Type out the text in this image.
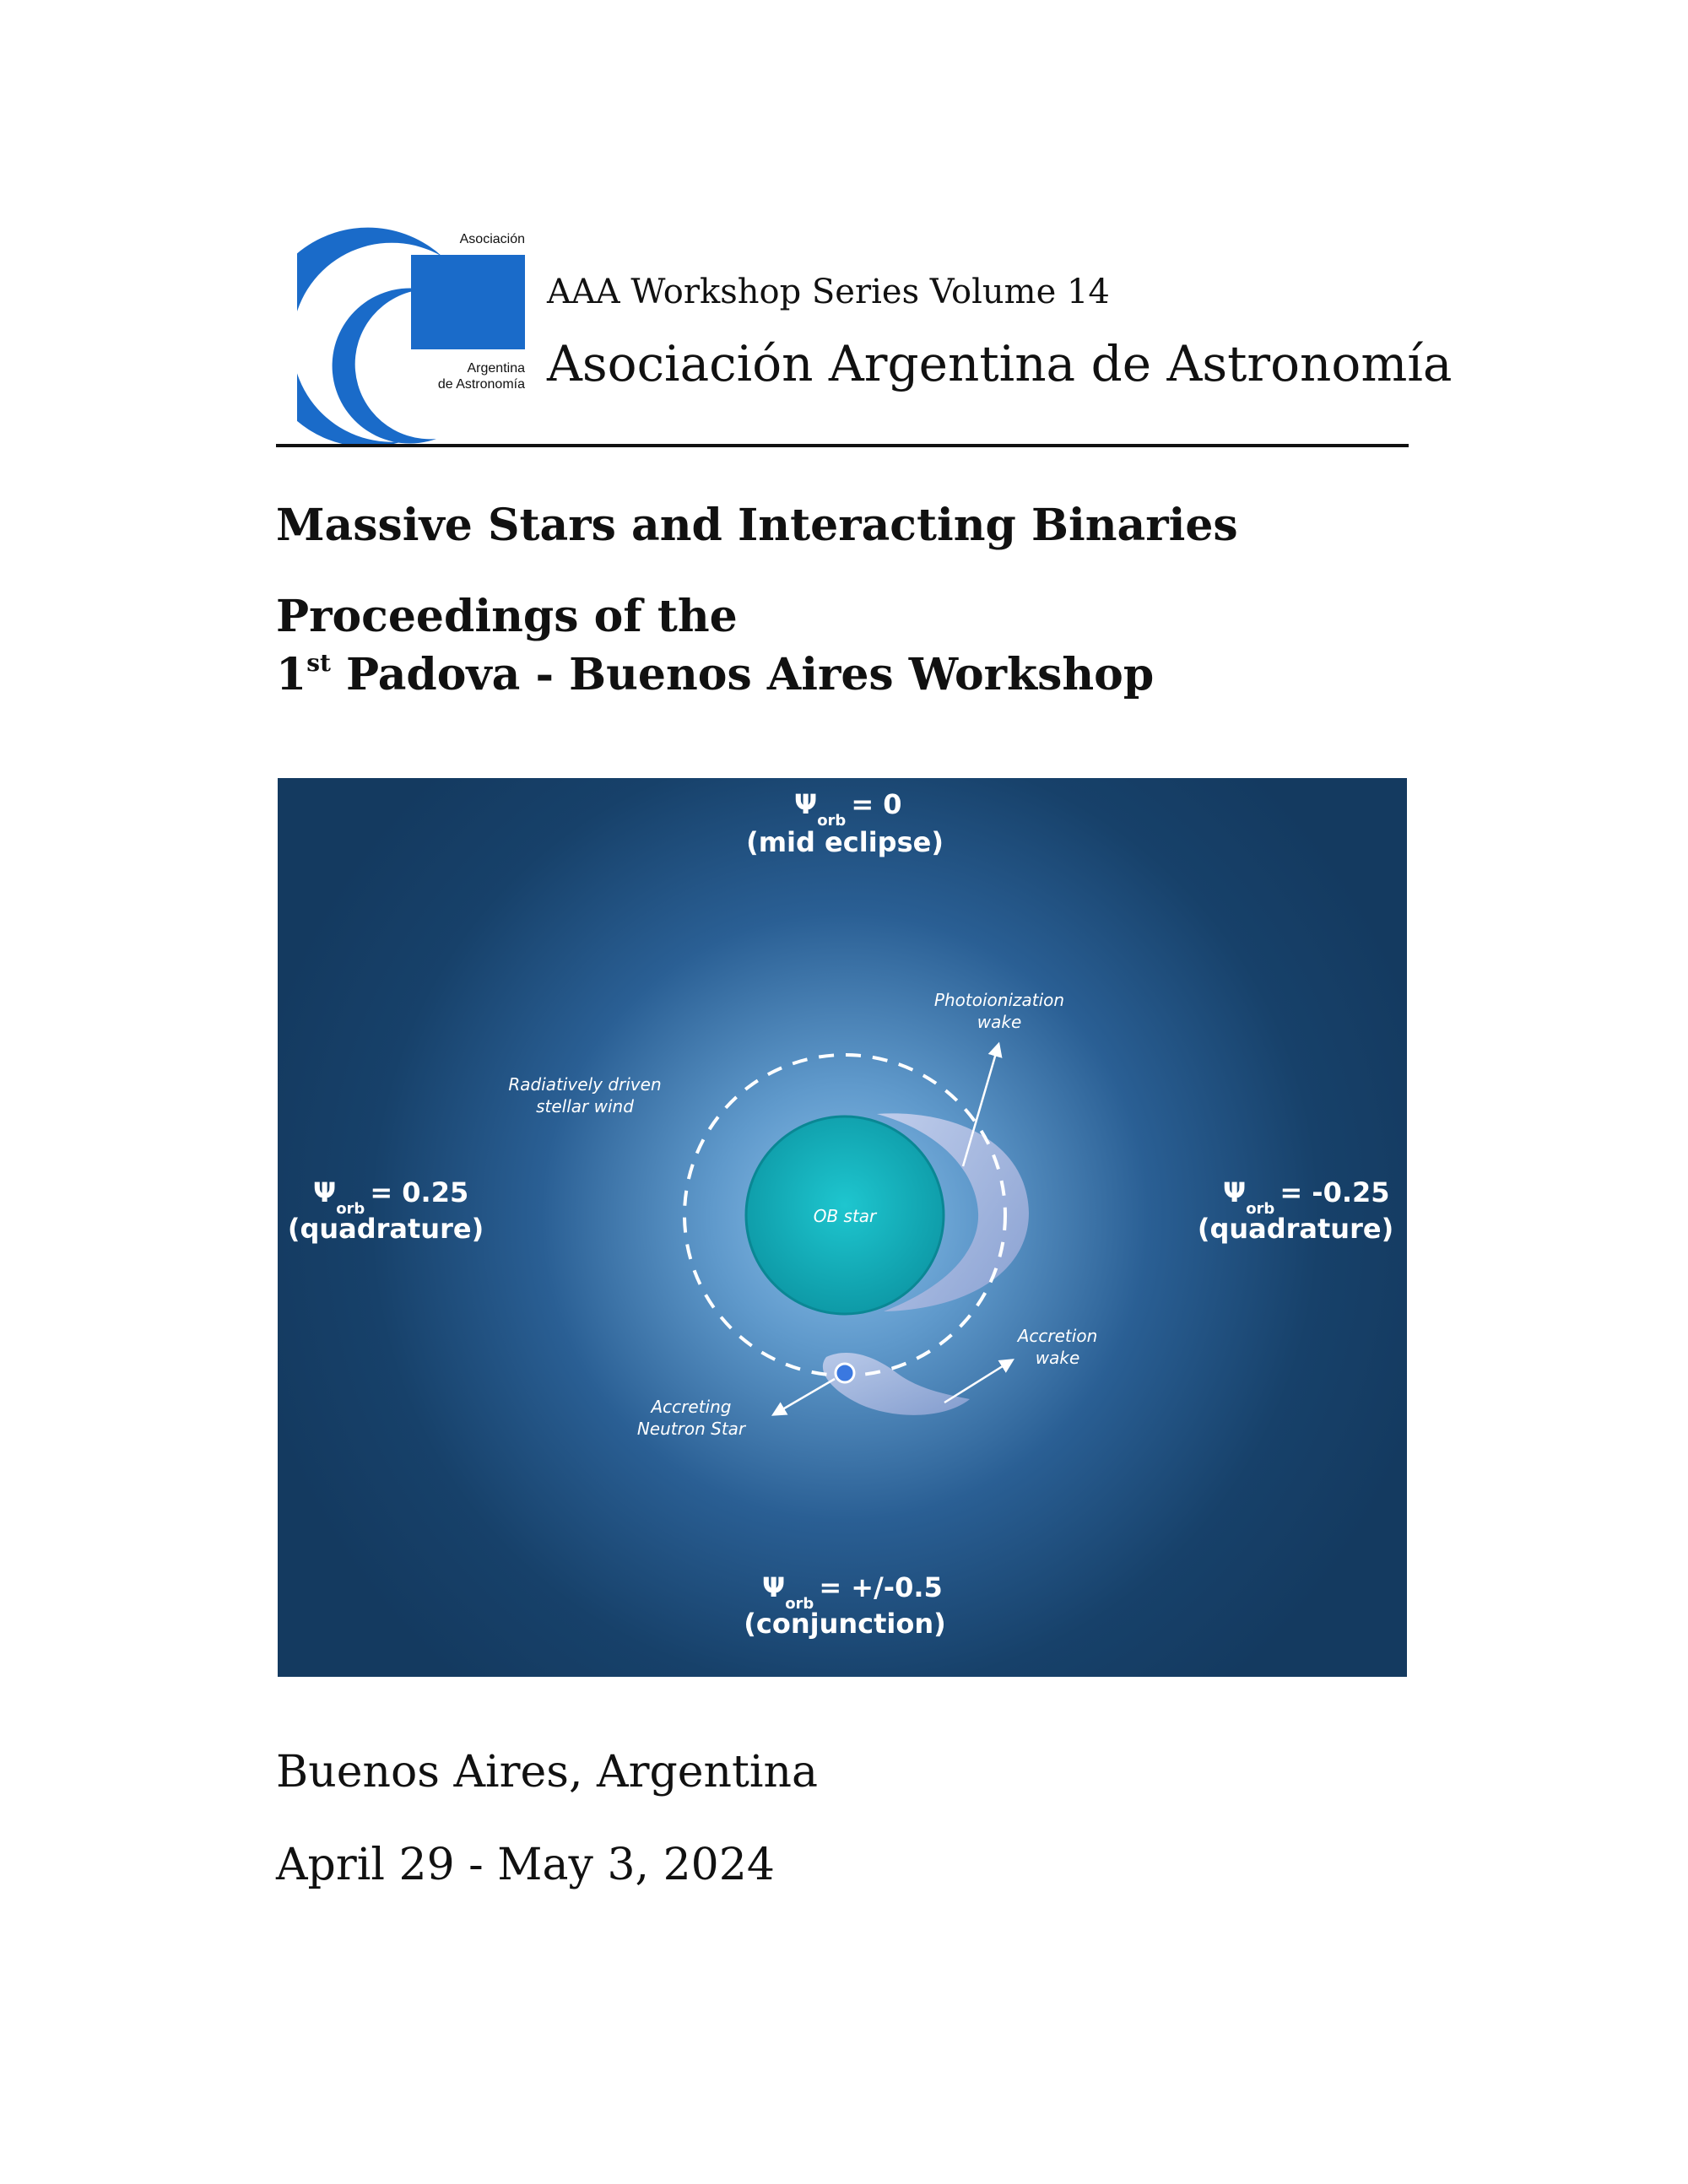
Asociación
Argentina
de Astronomía
AAA Workshop Series Volume 14
Asociación Argentina de Astronomía
Massive Stars and Interacting Binaries
Proceedings of the
1st Padova - Buenos Aires Workshop
$\Psi_{orb}= 0$
(mid eclipse)
$\Psi_{orb}= 0.25$
(quadrature)
$\Psi_{orb}= -0.25$
(quadrature)
$\Psi_{orb}= +/-0.5$
(conjunction)
OB star
Radiatively driven
stellar wind
Photoionization
wake
Accretion
wake
Accreting
Neutron Star
Buenos Aires, Argentina
April 29 - May 3, 2024
